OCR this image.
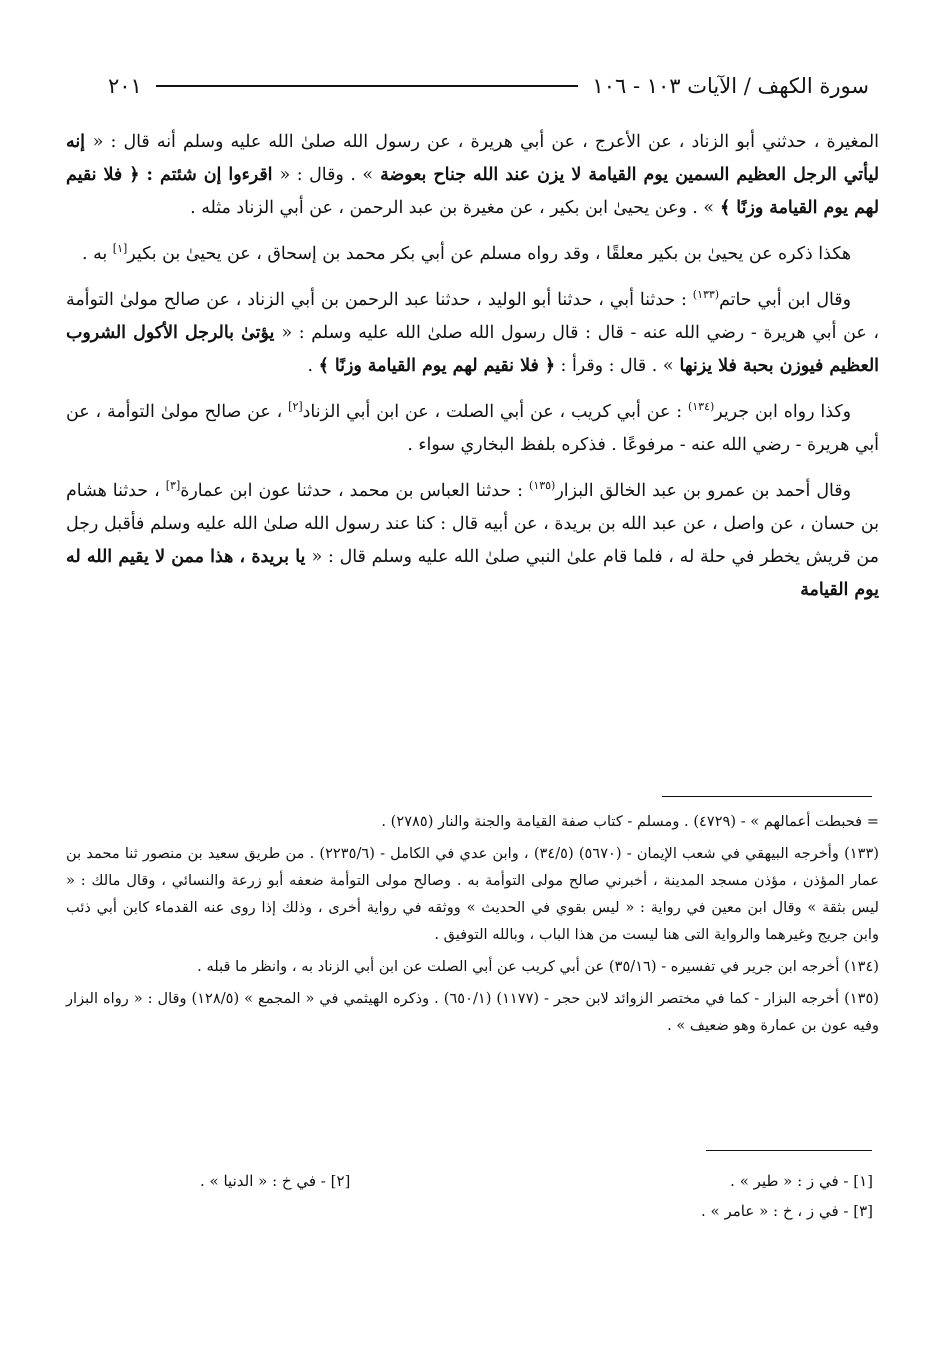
سورة الكهف / الآيات ١٠٣ - ١٠٦
٢٠١

المغيرة ، حدثني أبو الزناد ، عن الأعرج ، عن أبي هريرة ، عن رسول الله صلىٰ الله عليه وسلم أنه قال : « إنه ليأتي الرجل العظيم السمين يوم القيامة لا يزن عند الله جناح بعوضة » . وقال : « اقرءوا إن شئتم : ﴿ فلا نقيم لهم يوم القيامة وزنًا ﴾ » . وعن يحيىٰ ابن بكير ، عن مغيرة بن عبد الرحمن ، عن أبي الزناد مثله .

هكذا ذكره عن يحيىٰ بن بكير معلقًا ، وقد رواه مسلم عن أبي بكر محمد بن إسحاق ، عن يحيىٰ بن بكير[١] به .

وقال ابن أبي حاتم$^{(١٣٣)}$ : حدثنا أبي ، حدثنا أبو الوليد ، حدثنا عبد الرحمن بن أبي الزناد ، عن صالح مولىٰ التوأمة ، عن أبي هريرة - رضي الله عنه - قال : قال رسول الله صلىٰ الله عليه وسلم : « يؤتىٰ بالرجل الأكول الشروب العظيم فيوزن بحبة فلا يزنها » . قال : وقرأ : ﴿ فلا نقيم لهم يوم القيامة وزنًا ﴾ .

وكذا رواه ابن جرير$^{(١٣٤)}$ : عن أبي كريب ، عن أبي الصلت ، عن ابن أبي الزناد[٢] ، عن صالح مولىٰ التوأمة ، عن أبي هريرة - رضي الله عنه - مرفوعًا . فذكره بلفظ البخاري سواء .

وقال أحمد بن عمرو بن عبد الخالق البزار$^{(١٣٥)}$ : حدثنا العباس بن محمد ، حدثنا عون ابن عمارة[٣] ، حدثنا هشام بن حسان ، عن واصل ، عن عبد الله بن بريدة ، عن أبيه قال : كنا عند رسول الله صلىٰ الله عليه وسلم فأقبل رجل من قريش يخطر في حلة له ، فلما قام علىٰ النبي صلىٰ الله عليه وسلم قال : « يا بريدة ، هذا ممن لا يقيم الله له يوم القيامة

= فحبطت أعمالهم » - (٤٧٢٩) . ومسلم - كتاب صفة القيامة والجنة والنار (٢٧٨٥) .

(١٣٣) وأخرجه البيهقي في شعب الإيمان - (٥٦٧٠) (٣٤/٥) ، وابن عدي في الكامل - (٢٢٣٥/٦) . من طريق سعيد بن منصور ثنا محمد بن عمار المؤذن ، مؤذن مسجد المدينة ، أخبرني صالح مولى التوأمة به . وصالح مولى التوأمة ضعفه أبو زرعة والنسائي ، وقال مالك : « ليس بثقة » وقال ابن معين في رواية : « ليس بقوي في الحديث » ووثقه في رواية أخرى ، وذلك إذا روى عنه القدماء كابن أبي ذئب وابن جريج وغيرهما والرواية التى هنا ليست من هذا الباب ، وبالله التوفيق .

(١٣٤) أخرجه ابن جرير في تفسيره - (٣٥/١٦) عن أبي كريب عن أبي الصلت عن ابن أبي الزناد به ، وانظر ما قبله .

(١٣٥) أخرجه البزار - كما في مختصر الزوائد لابن حجر - (١١٧٧) (٦٥٠/١) . وذكره الهيثمي في « المجمع » (١٢٨/٥) وقال : « رواه البزار وفيه عون بن عمارة وهو ضعيف » .

[١] - في ز : « طير » .
[٢] - في خ : « الدنيا » .
[٣] - في ز ، خ : « عامر » .
